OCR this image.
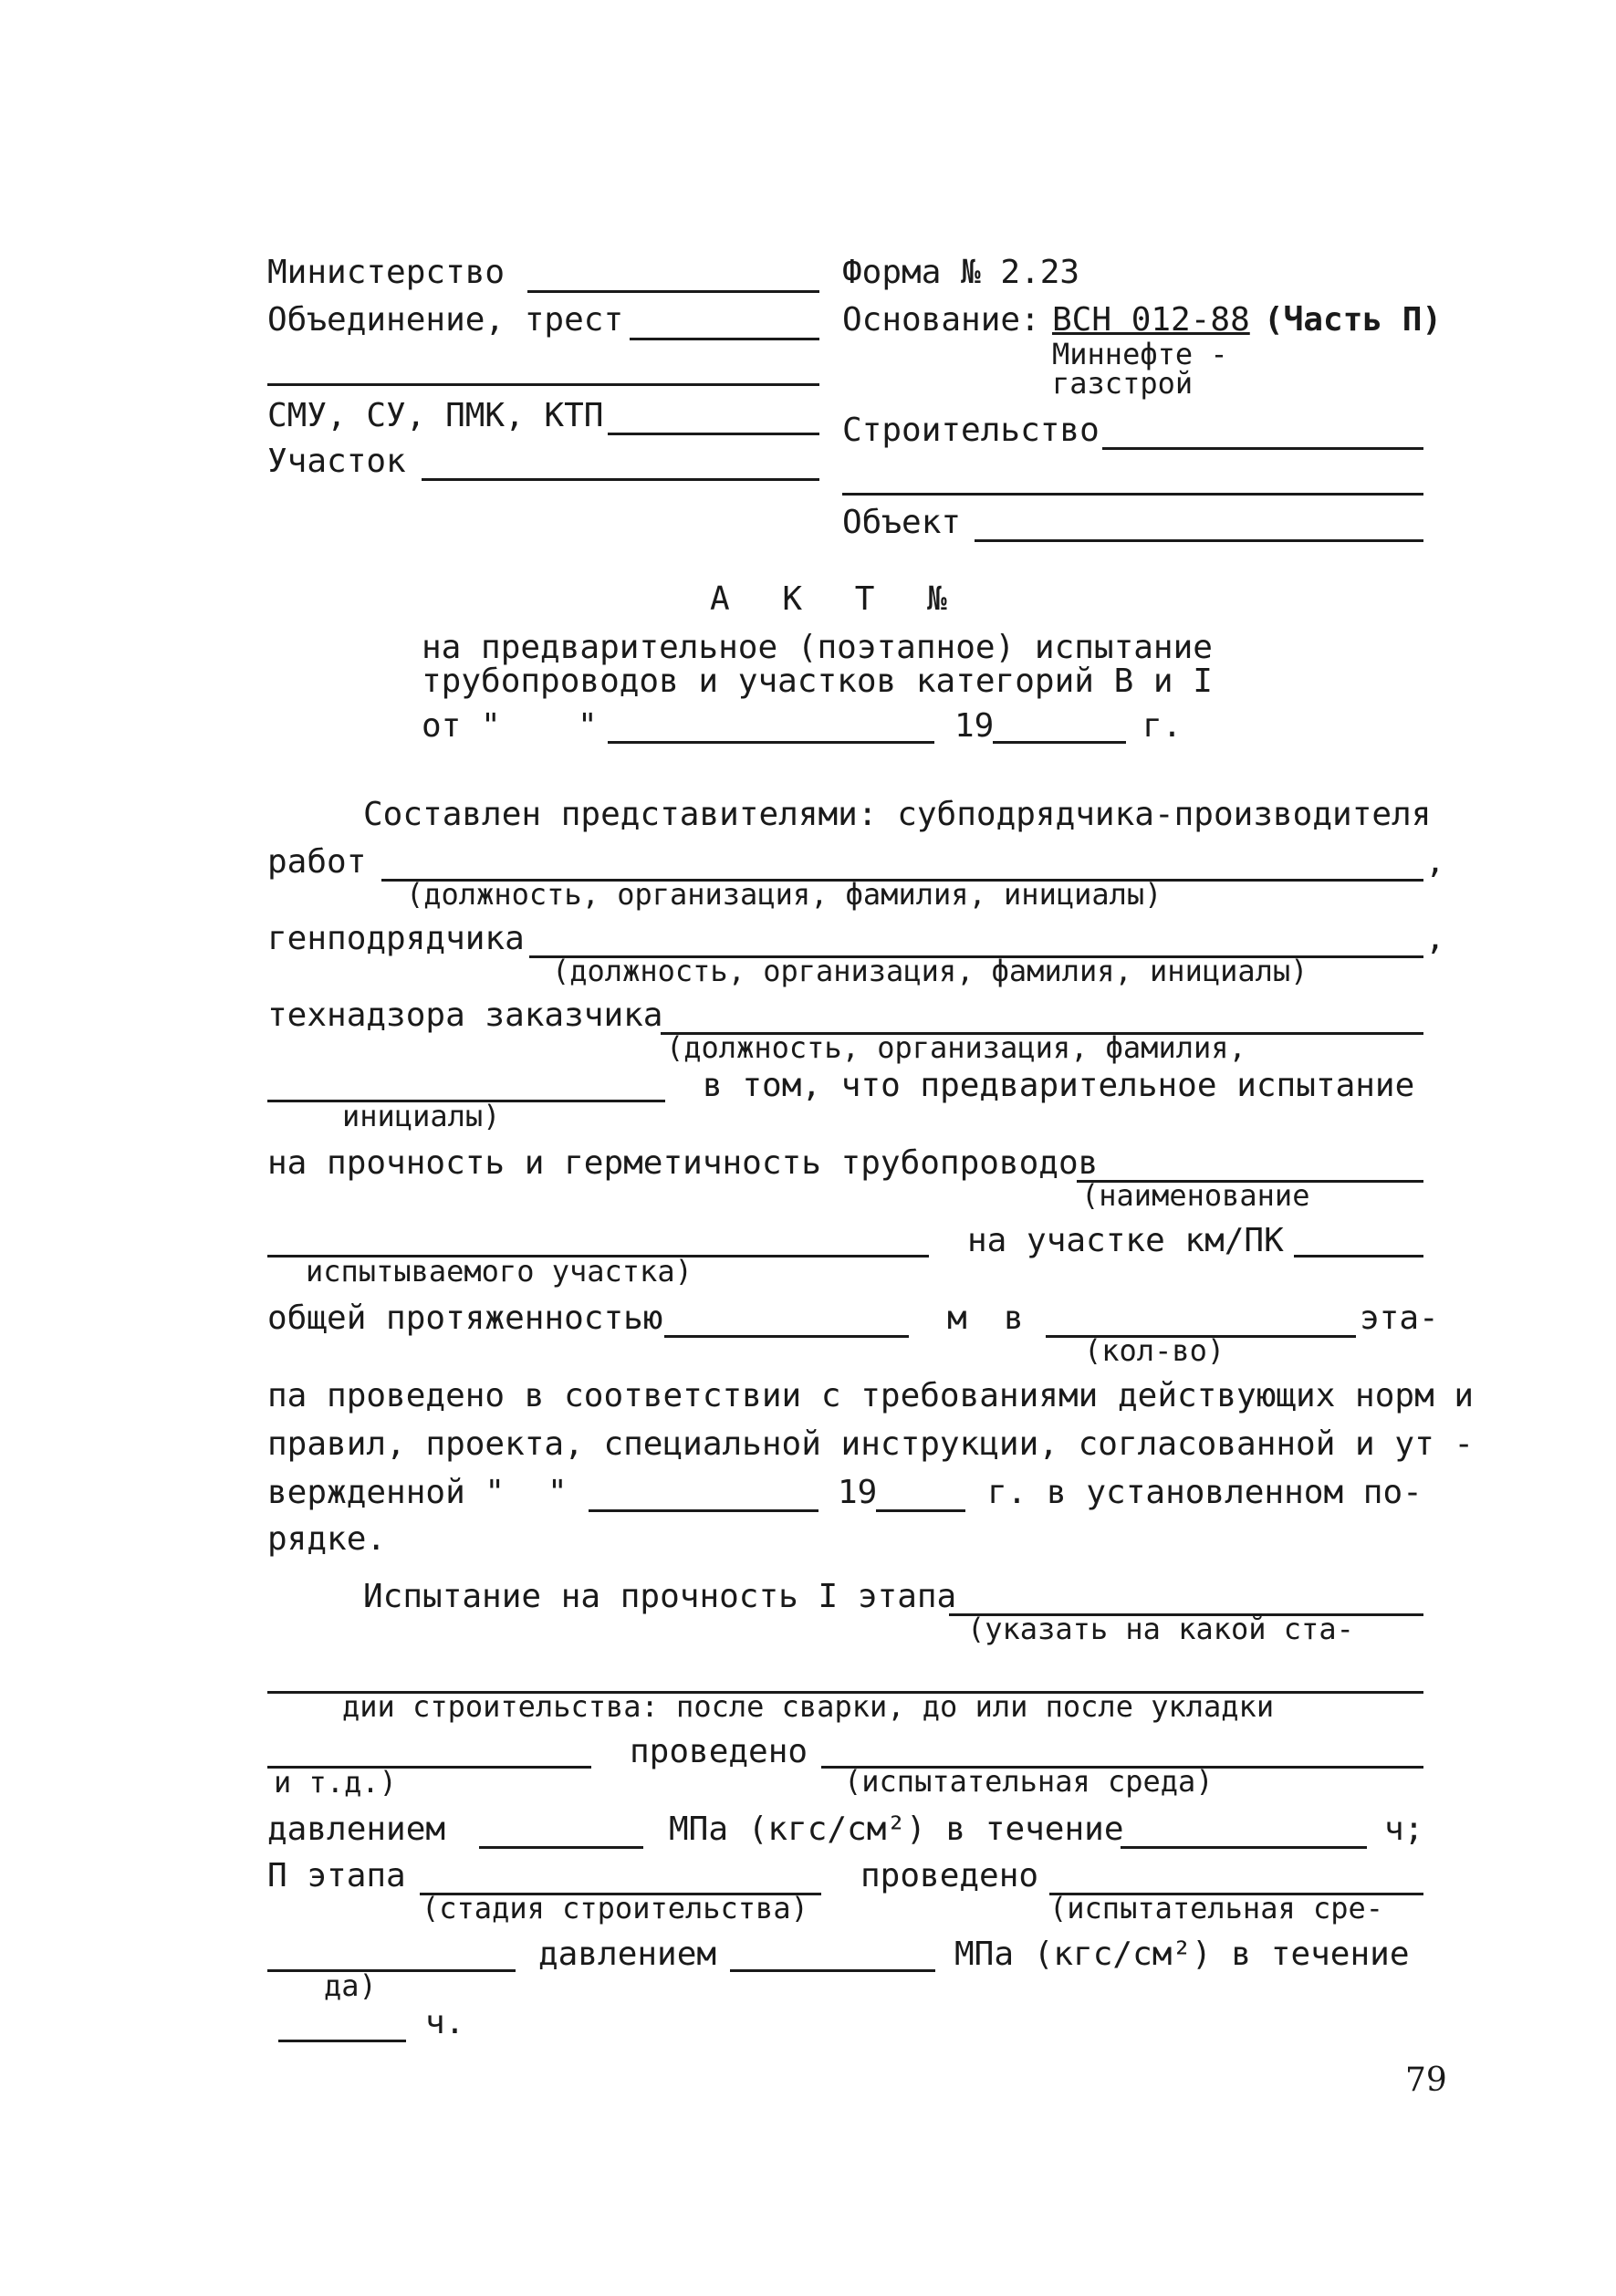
Министерство
Объединение, трест
СМУ, СУ, ПМК, КТП
Участок
Форма № 2.23
Основание: ВСН 012-88 (Часть П)
Миннефте -
газстрой
Строительство
Объект
А К Т №
на предварительное (поэтапное) испытание
трубопроводов и участков категорий В и I
от " "	19	г.
Составлен представителями: субподрядчика-производителя
работ	,
(должность, организация, фамилия, инициалы)
генподрядчика	,
(должность, организация, фамилия, инициалы)
технадзора заказчика
(должность, организация, фамилия,
в том, что предварительное испытание
инициалы)
на прочность и герметичность трубопроводов
(наименование
на участке км/ПК
испытываемого участка)
общей протяженностью	м в	эта-
(кол-во)
па проведено в соответствии с требованиями действующих норм и
правил, проекта, специальной инструкции, согласованной и ут -
вержденной " "	19	г. в установленном по-
рядке.
Испытание на прочность I этапа
(указать на какой ста-
дии строительства: после сварки, до или после укладки
проведено
и т.д.)	(испытательная среда)
давлением	МПа (кгс/см²) в течение	ч;
П этапа	проведено
(стадия строительства)	(испытательная сре-
давлением	МПа (кгс/см²) в течение
да)
ч.
79
